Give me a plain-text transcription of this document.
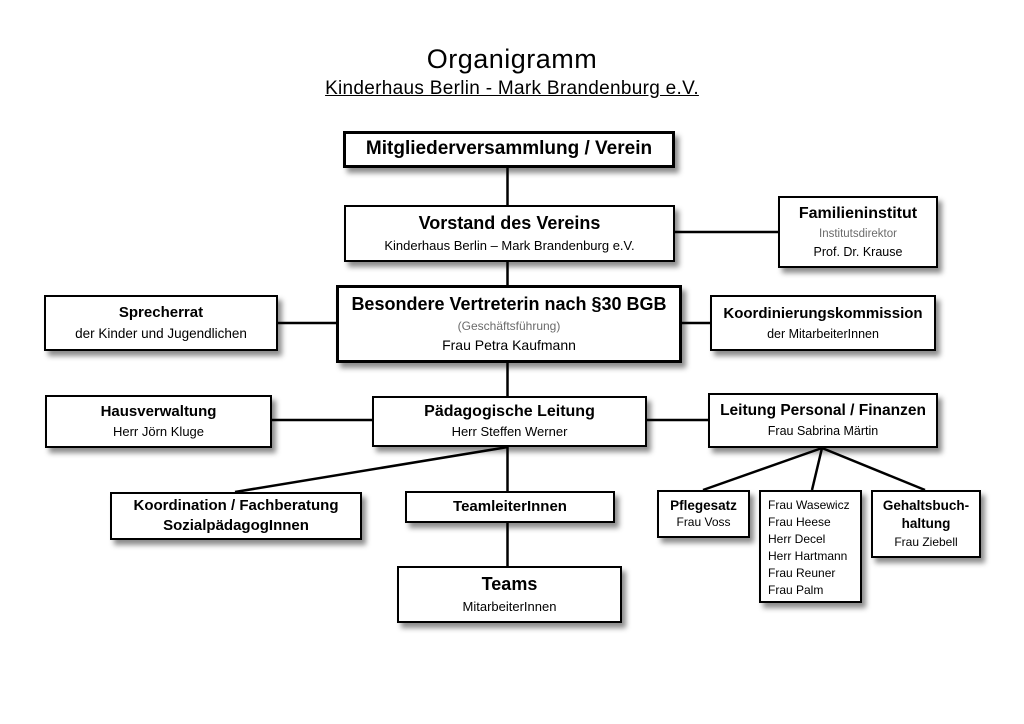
Organigramm
Kinderhaus Berlin - Mark Brandenburg e.V.
Mitgliederversammlung / Verein
Vorstand des Vereins
Kinderhaus Berlin – Mark Brandenburg e.V.
Familieninstitut
Institutsdirektor
Prof. Dr. Krause
Besondere Vertreterin nach §30 BGB
(Geschäftsführung)
Frau Petra Kaufmann
Sprecherrat
der Kinder und Jugendlichen
Koordinierungskommission
der MitarbeiterInnen
Hausverwaltung
Herr Jörn Kluge
Pädagogische Leitung
Herr Steffen Werner
Leitung Personal / Finanzen
Frau Sabrina Märtin
Koordination / Fachberatung
SozialpädagogInnen
TeamleiterInnen	Pflegesatz
Frau Voss
Frau Wasewicz
Frau Heese
Herr Decel
Herr Hartmann
Frau Reuner
Frau Palm
Gehaltsbuch-
haltung
Frau Ziebell
Teams
MitarbeiterInnen
